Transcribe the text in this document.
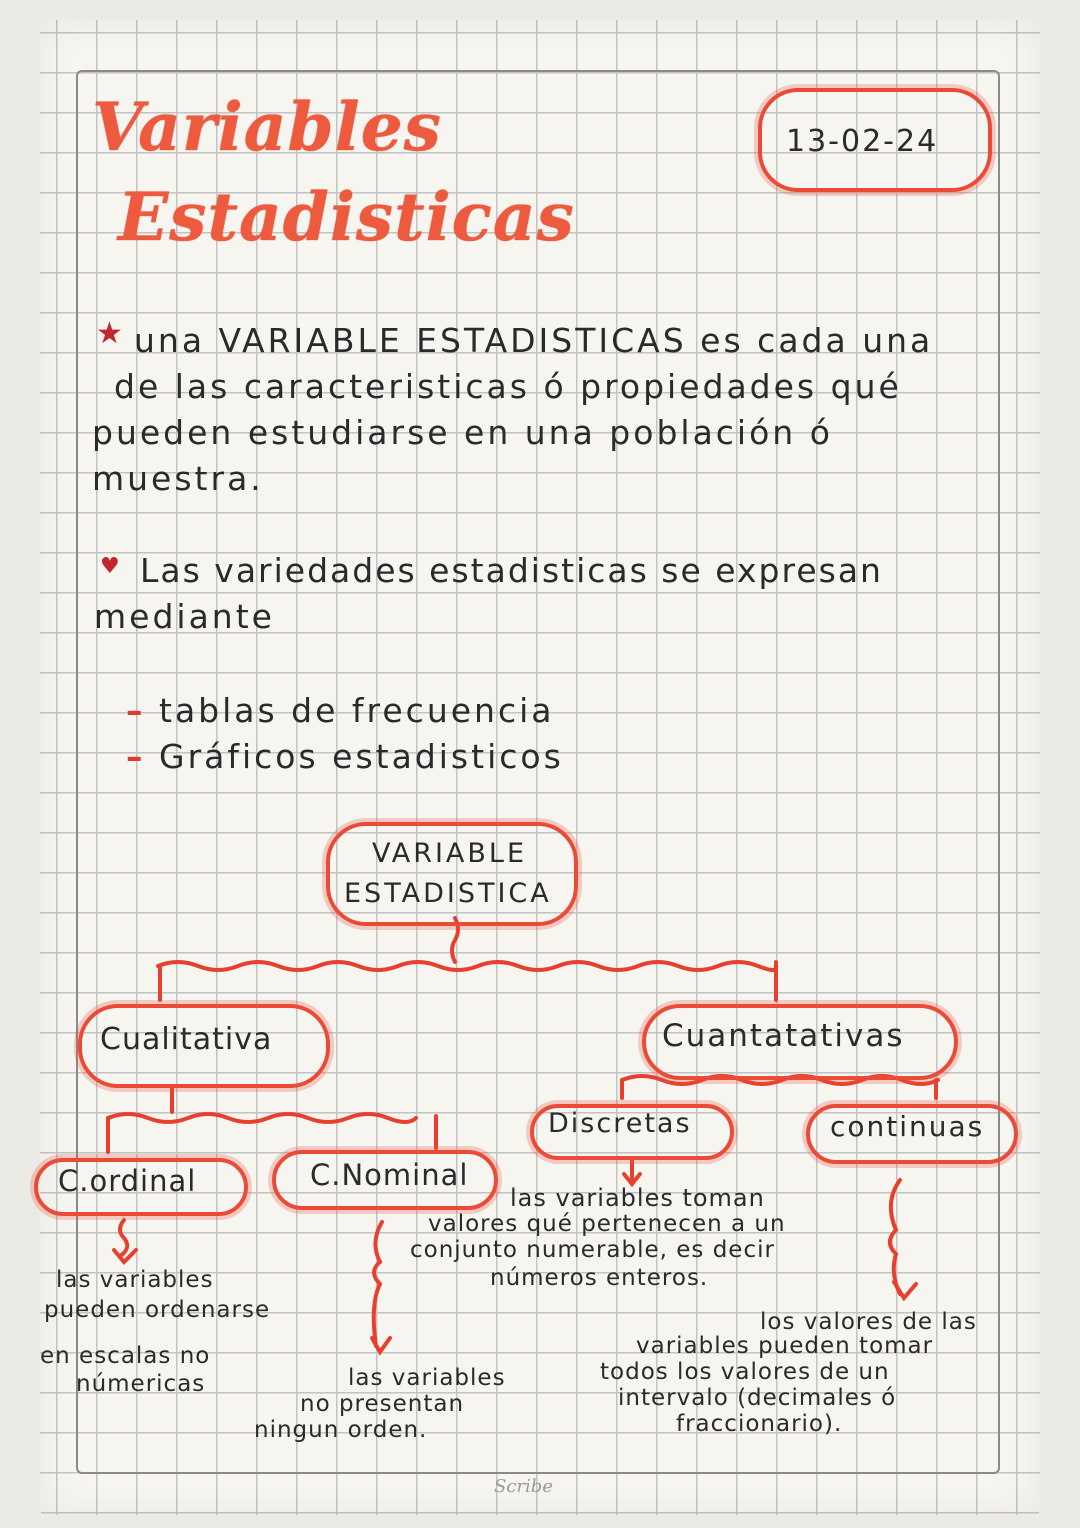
Variables
Estadisticas
13-02-24
★ una VARIABLE ESTADISTICAS es cada una
de las caracteristicas ó propiedades qué
pueden estudiarse en una población ó
muestra.
♥ Las variedades estadisticas se expresan
mediante
– tablas de frecuencia
– Gráficos estadisticos
VARIABLE
ESTADISTICA
Cualitativa	Cuantatativas
C.ordinal	C.Nominal
Discretas	continuas
las variables toman
valores qué pertenecen a un
conjunto numerable, es decir
números enteros.
las variables
pueden ordenarse
en escalas no
númericas	las variables
no presentan
ningun orden.
los valores de las
variables pueden tomar
todos los valores de un
intervalo (decimales ó
fraccionario).
Scribe
